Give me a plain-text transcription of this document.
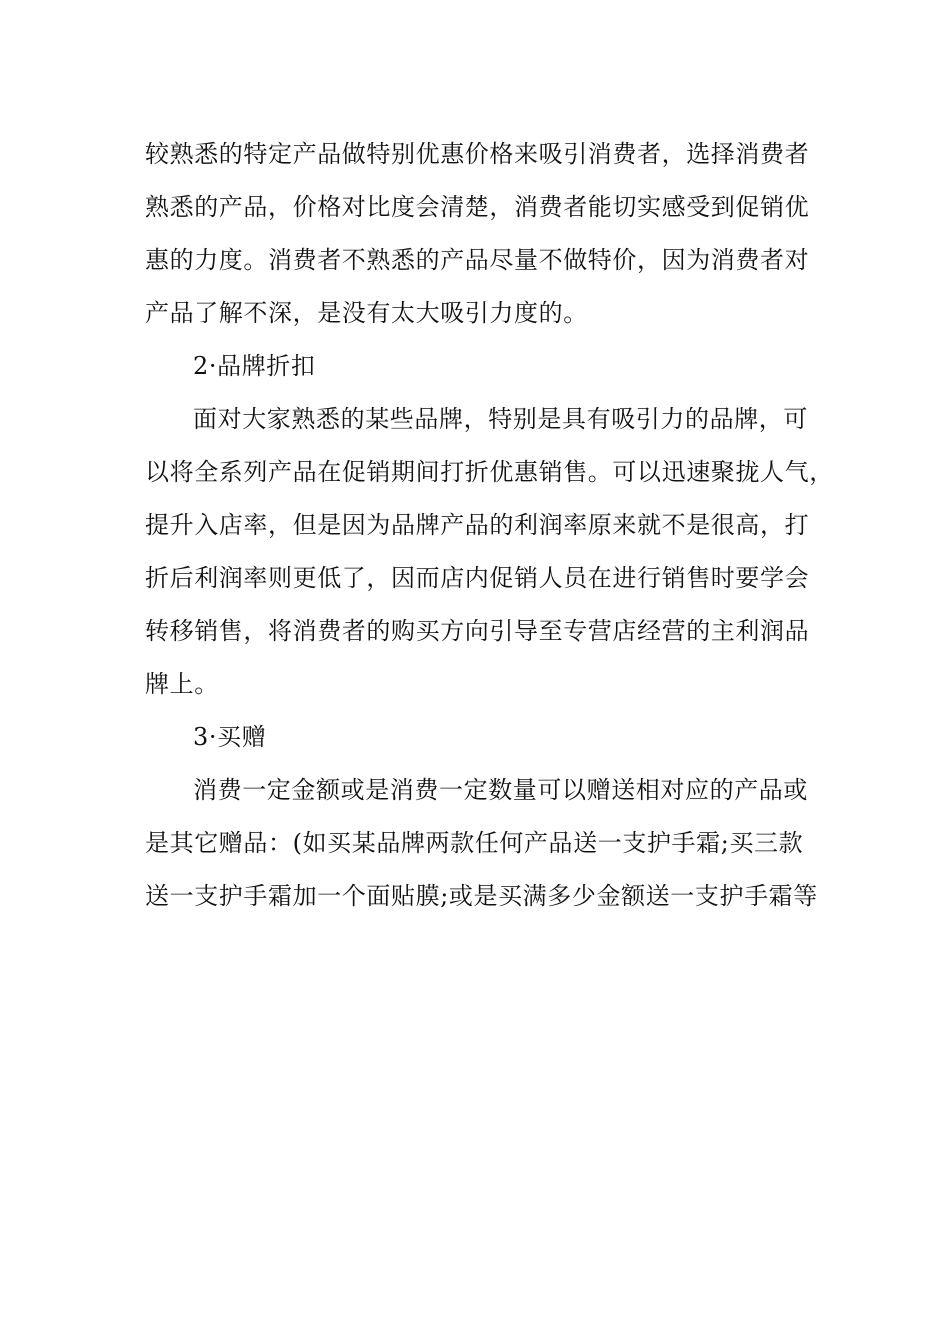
较熟悉的特定产品做特别优惠价格来吸引消费者，选择消费者

熟悉的产品，价格对比度会清楚，消费者能切实感受到促销优

惠的力度。消费者不熟悉的产品尽量不做特价，因为消费者对

产品了解不深，是没有太大吸引力度的。

2·品牌折扣

面对大家熟悉的某些品牌，特别是具有吸引力的品牌，可

以将全系列产品在促销期间打折优惠销售。可以迅速聚拢人气，

提升入店率，但是因为品牌产品的利润率原来就不是很高，打

折后利润率则更低了，因而店内促销人员在进行销售时要学会

转移销售，将消费者的购买方向引导至专营店经营的主利润品

牌上。

3·买赠

消费一定金额或是消费一定数量可以赠送相对应的产品或

是其它赠品：(如买某品牌两款任何产品送一支护手霜;买三款

送一支护手霜加一个面贴膜;或是买满多少金额送一支护手霜等
